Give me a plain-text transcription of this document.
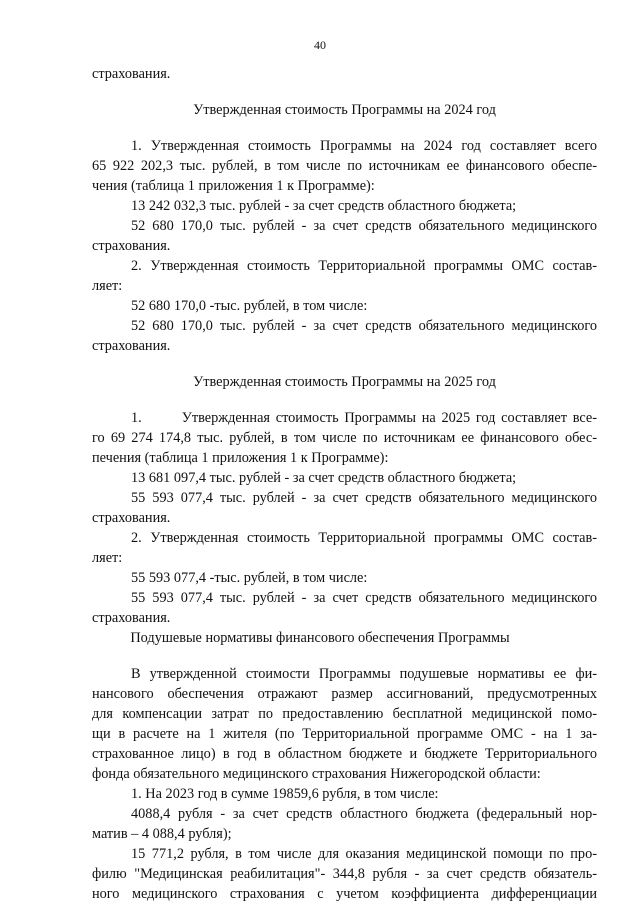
40
страхования.
Утвержденная стоимость Программы на 2024 год
1. Утвержденная стоимость Программы на 2024 год составляет всего
65 922 202,3 тыс. рублей, в том числе по источникам ее финансового обеспе-
чения (таблица 1 приложения 1 к Программе):
13 242 032,3 тыс. рублей - за счет средств областного бюджета;
52 680 170,0 тыс. рублей - за счет средств обязательного медицинского
страхования.
2. Утвержденная стоимость Территориальной программы ОМС состав-
ляет:
52 680 170,0 -тыс. рублей, в том числе:
52 680 170,0 тыс. рублей - за счет средств обязательного медицинского
страхования.
Утвержденная стоимость Программы на 2025 год
1.	Утвержденная стоимость Программы на 2025 год составляет все-
го 69 274 174,8 тыс. рублей, в том числе по источникам ее финансового обес-
печения (таблица 1 приложения 1 к Программе):
13 681 097,4 тыс. рублей - за счет средств областного бюджета;
55 593 077,4 тыс. рублей - за счет средств обязательного медицинского
страхования.
2. Утвержденная стоимость Территориальной программы ОМС состав-
ляет:
55 593 077,4 -тыс. рублей, в том числе:
55 593 077,4 тыс. рублей - за счет средств обязательного медицинского
страхования.
Подушевые нормативы финансового обеспечения Программы
В утвержденной стоимости Программы подушевые нормативы ее фи-
нансового обеспечения отражают размер ассигнований, предусмотренных
для компенсации затрат по предоставлению бесплатной медицинской помо-
щи в расчете на 1 жителя (по Территориальной программе ОМС - на 1 за-
страхованное лицо) в год в областном бюджете и бюджете Территориального
фонда обязательного медицинского страхования Нижегородской области:
1. На 2023 год в сумме 19859,6 рубля, в том числе:
4088,4 рубля - за счет средств областного бюджета (федеральный нор-
матив – 4 088,4 рубля);
15 771,2 рубля, в том числе для оказания медицинской помощи по про-
филю "Медицинская реабилитация"- 344,8 рубля - за счет средств обязатель-
ного медицинского страхования с учетом коэффициента дифференциации
